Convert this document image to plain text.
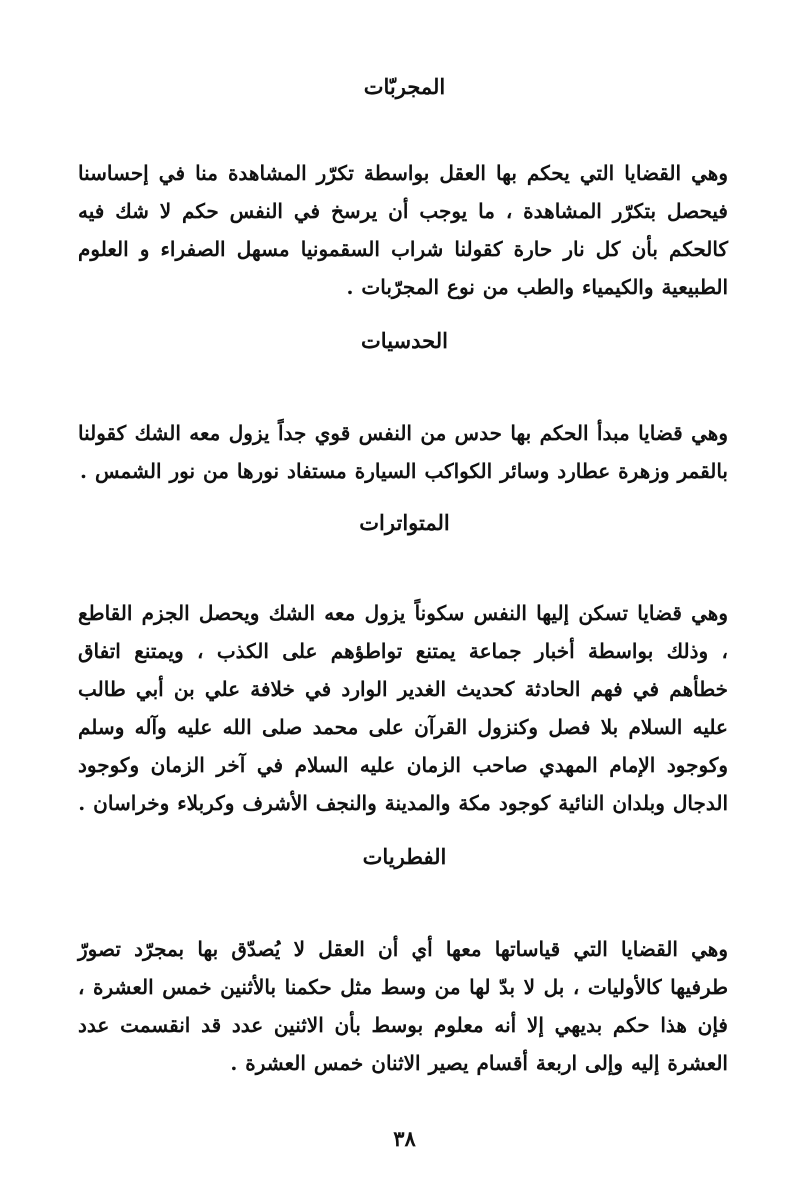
المجربّات

وهي القضايا التي يحكم بها العقل بواسطة تكرّر المشاهدة منا في إحساسنا فيحصل بتكرّر المشاهدة ، ما يوجب أن يرسخ في النفس حكم لا شك فيه كالحكم بأن كل نار حارة كقولنا شراب السقمونيا مسهل الصفراء و العلوم الطبيعية والكيمياء والطب من نوع المجرّبات .

الحدسيات

وهي قضايا مبدأ الحكم بها حدس من النفس قوي جداً يزول معه الشك كقولنا بالقمر وزهرة عطارد وسائر الكواكب السيارة مستفاد نورها من نور الشمس .

المتواترات

وهي قضايا تسكن إليها النفس سكوناً يزول معه الشك ويحصل الجزم القاطع ، وذلك بواسطة أخبار جماعة يمتنع تواطؤهم على الكذب ، ويمتنع اتفاق خطأهم في فهم الحادثة كحديث الغدير الوارد في خلافة علي بن أبي طالب عليه السلام بلا فصل وكنزول القرآن على محمد صلى الله عليه وآله وسلم وكوجود الإمام المهدي صاحب الزمان عليه السلام في آخر الزمان وكوجود الدجال وبلدان النائية كوجود مكة والمدينة والنجف الأشرف وكربلاء وخراسان .

الفطريات

وهي القضايا التي قياساتها معها أي أن العقل لا يُصدّق بها بمجرّد تصورّ طرفيها كالأوليات ، بل لا بدّ لها من وسط مثل حكمنا بالأثنين خمس العشرة ، فإن هذا حكم بديهي إلا أنه معلوم بوسط بأن الاثنين عدد قد انقسمت عدد العشرة إليه وإلى اربعة أقسام يصير الاثنان خمس العشرة .

٣٨
